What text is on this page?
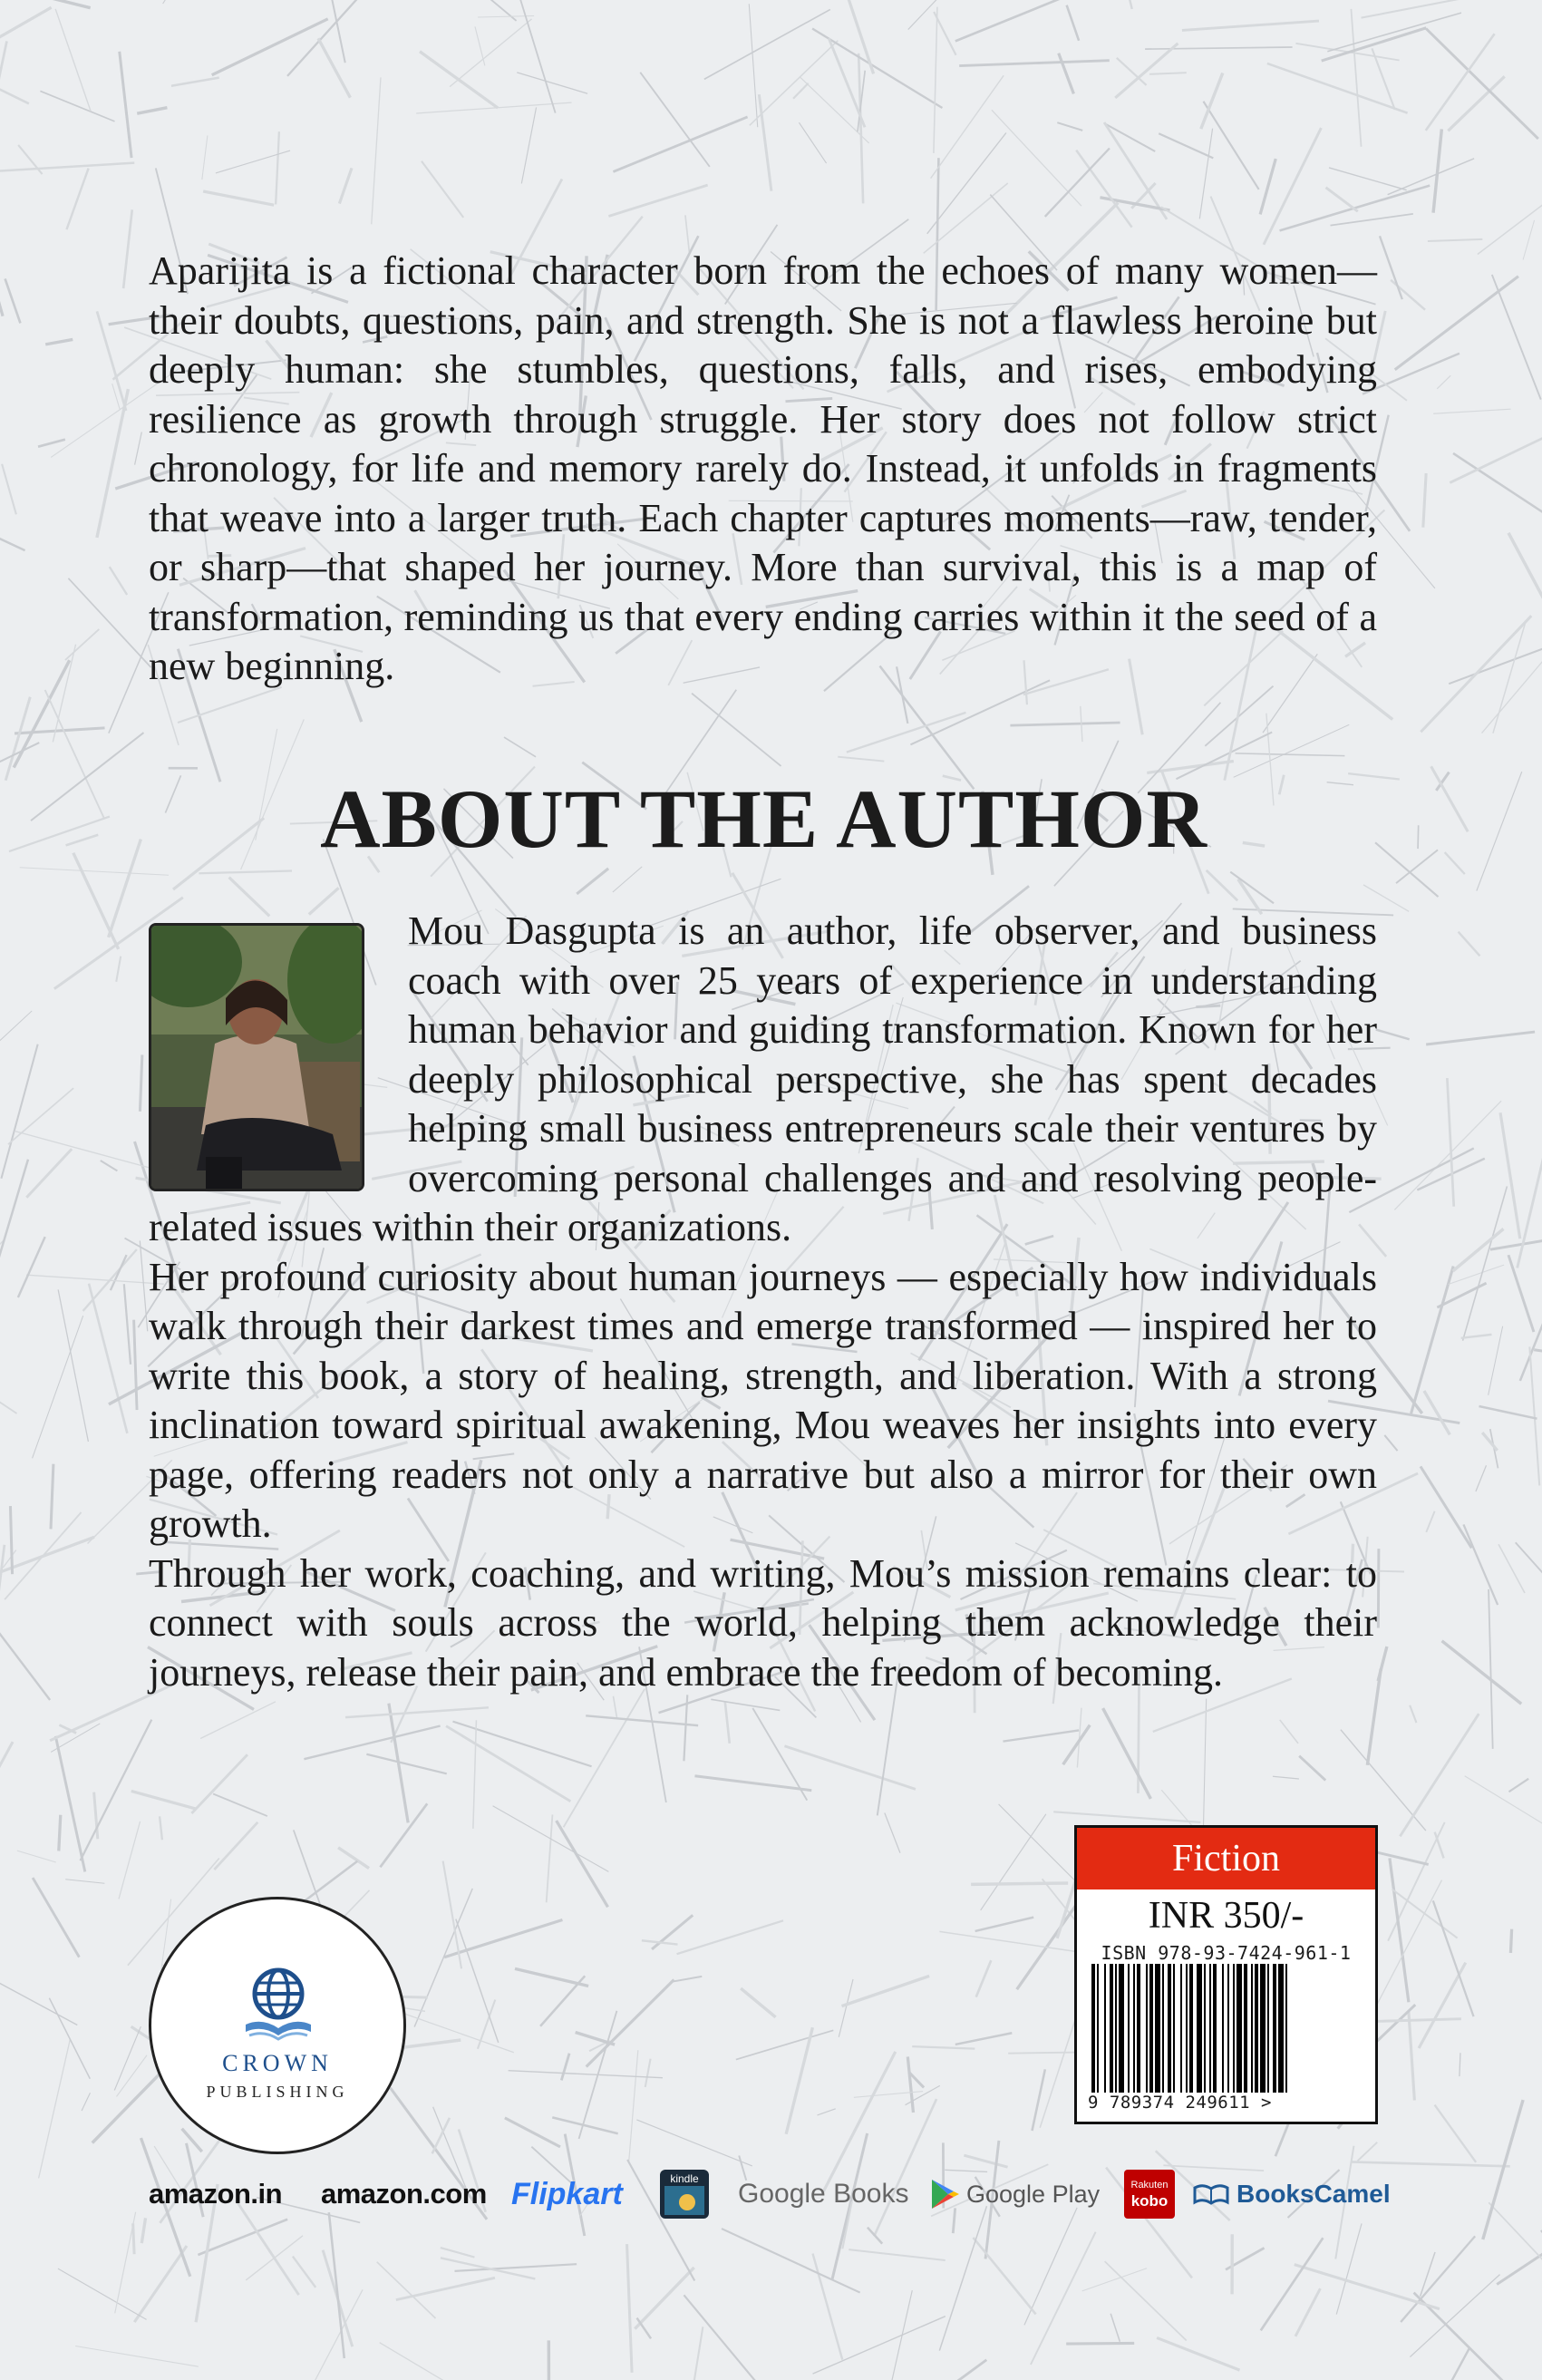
Aparijita is a fictional character born from the echoes of many women—their doubts, questions, pain, and strength. She is not a flawless heroine but deeply human: she stumbles, questions, falls, and rises, embodying resilience as growth through struggle. Her story does not follow strict chronology, for life and memory rarely do. Instead, it unfolds in fragments that weave into a larger truth. Each chapter captures moments—raw, tender, or sharp—that shaped her journey. More than survival, this is a map of transformation, reminding us that every ending carries within it the seed of a new beginning.

ABOUT THE AUTHOR

Mou Dasgupta is an author, life observer, and business coach with over 25 years of experience in understanding human behavior and guiding transformation. Known for her deeply philosophical perspective, she has spent decades helping small business entrepreneurs scale their ventures by overcoming personal challenges and and resolving people-related issues within their organizations.

Her profound curiosity about human journeys — especially how individuals walk through their darkest times and emerge transformed — inspired her to write this book, a story of healing, strength, and liberation. With a strong inclination toward spiritual awakening, Mou weaves her insights into every page, offering readers not only a narrative but also a mirror for their own growth.

Through her work, coaching, and writing, Mou’s mission remains clear: to connect with souls across the world, helping them acknowledge their journeys, release their pain, and embrace the freedom of becoming.

CROWN
PUBLISHING
Fiction
INR 350/-
ISBN 978-93-7424-961-1
9 789374 249611 >
amazon.in amazon.com Flipkart	kindle Google Books Google Play	Rakuten
kobo	BooksCamel
